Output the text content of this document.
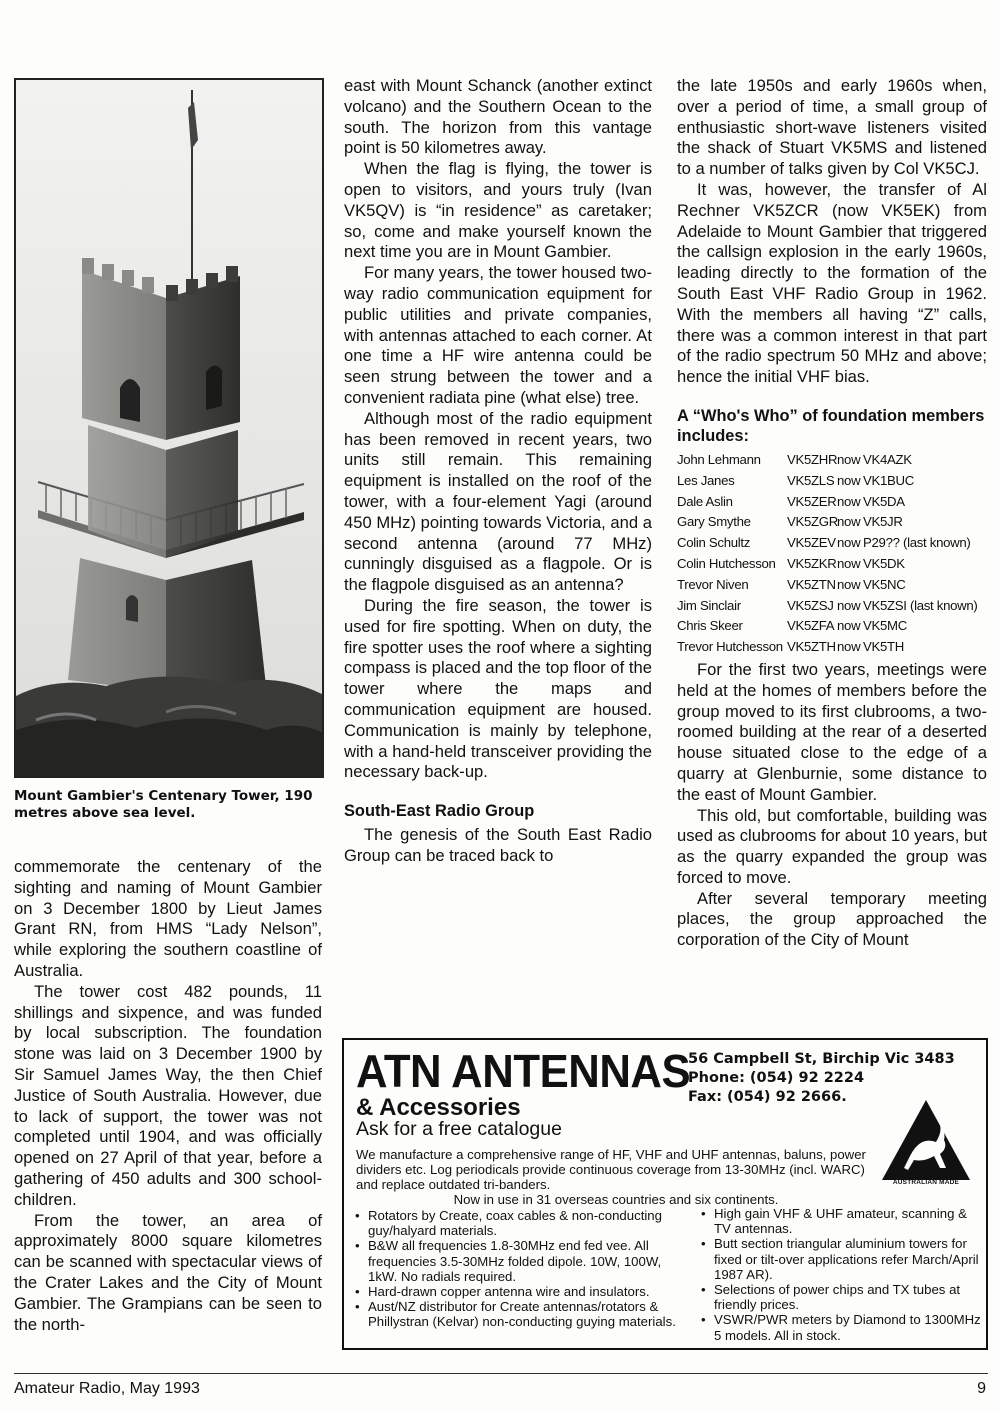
Mount Gambier's Centenary Tower, 190 metres above sea level.

commemorate the centenary of the sighting and naming of Mount Gambier on 3 December 1800 by Lieut James Grant RN, from HMS “Lady Nelson”, while exploring the southern coastline of Australia.

The tower cost 482 pounds, 11 shillings and sixpence, and was funded by local subscription. The foundation stone was laid on 3 December 1900 by Sir Samuel James Way, the then Chief Justice of South Australia. However, due to lack of support, the tower was not completed until 1904, and was officially opened on 27 April of that year, before a gathering of 450 adults and 300 school-children.

From the tower, an area of approximately 8000 square kilometres can be scanned with spectacular views of the Crater Lakes and the City of Mount Gambier. The Grampians can be seen to the north-

east with Mount Schanck (another extinct volcano) and the Southern Ocean to the south. The horizon from this vantage point is 50 kilometres away.

When the flag is flying, the tower is open to visitors, and yours truly (Ivan VK5QV) is “in residence” as caretaker; so, come and make yourself known the next time you are in Mount Gambier.

For many years, the tower housed two-way radio communication equipment for public utilities and private companies, with antennas attached to each corner. At one time a HF wire antenna could be seen strung between the tower and a convenient radiata pine (what else) tree.

Although most of the radio equipment has been removed in recent years, two units still remain. This remaining equipment is installed on the roof of the tower, with a four-element Yagi (around 450 MHz) pointing towards Victoria, and a second antenna (around 77 MHz) cunningly disguised as a flagpole. Or is the flagpole disguised as an antenna?

During the fire season, the tower is used for fire spotting. When on duty, the fire spotter uses the roof where a sighting compass is placed and the top floor of the tower where the maps and communication equipment are housed. Communication is mainly by telephone, with a hand-held transceiver providing the necessary back-up.

South-East Radio Group

The genesis of the South East Radio Group can be traced back to

the late 1950s and early 1960s when, over a period of time, a small group of enthusiastic short-wave listeners visited the shack of Stuart VK5MS and listened to a number of talks given by Col VK5CJ.

It was, however, the transfer of Al Rechner VK5ZCR (now VK5EK) from Adelaide to Mount Gambier that triggered the callsign explosion in the early 1960s, leading directly to the formation of the South East VHF Radio Group in 1962. With the members all having “Z” calls, there was a common interest in that part of the radio spectrum 50 MHz and above; hence the initial VHF bias.

A “Who's Who” of foundation members includes:
John Lehmann	VK5ZHR now VK4AZK
Les Janes	VK5ZLS now VK1BUC
Dale Aslin	VK5ZER now VK5DA
Gary Smythe	VK5ZGR now VK5JR
Colin Schultz	VK5ZEV now P29?? (last known)
Colin Hutchesson VK5ZKR now VK5DK
Trevor Niven	VK5ZTN now VK5NC
Jim Sinclair	VK5ZSJ now VK5ZSI (last known)
Chris Skeer	VK5ZFA now VK5MC
Trevor Hutchesson VK5ZTH now VK5TH

For the first two years, meetings were held at the homes of members before the group moved to its first clubrooms, a two-roomed building at the rear of a deserted house situated close to the edge of a quarry at Glenburnie, some distance to the east of Mount Gambier.

This old, but comfortable, building was used as clubrooms for about 10 years, but as the quarry expanded the group was forced to move.

After several temporary meeting places, the group approached the corporation of the City of Mount

ATN ANTENNAS
56 Campbell St, Birchip Vic 3483
Phone: (054) 92 2224
Fax: (054) 92 2666.
& Accessories
Ask for a free catalogue
We manufacture a comprehensive range of HF, VHF and UHF antennas, baluns, power dividers etc. Log periodicals provide continuous coverage from 13-30MHz (incl. WARC) and replace outdated tri-banders.
Now in use in 31 overseas countries and six continents.
AUSTRALIAN MADE
• Rotators by Create, coax cables & non-conducting guy/halyard materials.
• B&W all frequencies 1.8-30MHz end fed vee. All frequencies 3.5-30MHz folded dipole. 10W, 100W, 1kW. No radials required.
• Hard-drawn copper antenna wire and insulators.
• Aust/NZ distributor for Create antennas/rotators & Phillystran (Kelvar) non-conducting guying materials.
• High gain VHF & UHF amateur, scanning & TV antennas.
• Butt section triangular aluminium towers for fixed or tilt-over applications refer March/April 1987 AR).
• Selections of power chips and TX tubes at friendly prices.
• VSWR/PWR meters by Diamond to 1300MHz 5 models. All in stock.
Amateur Radio, May 1993	9
